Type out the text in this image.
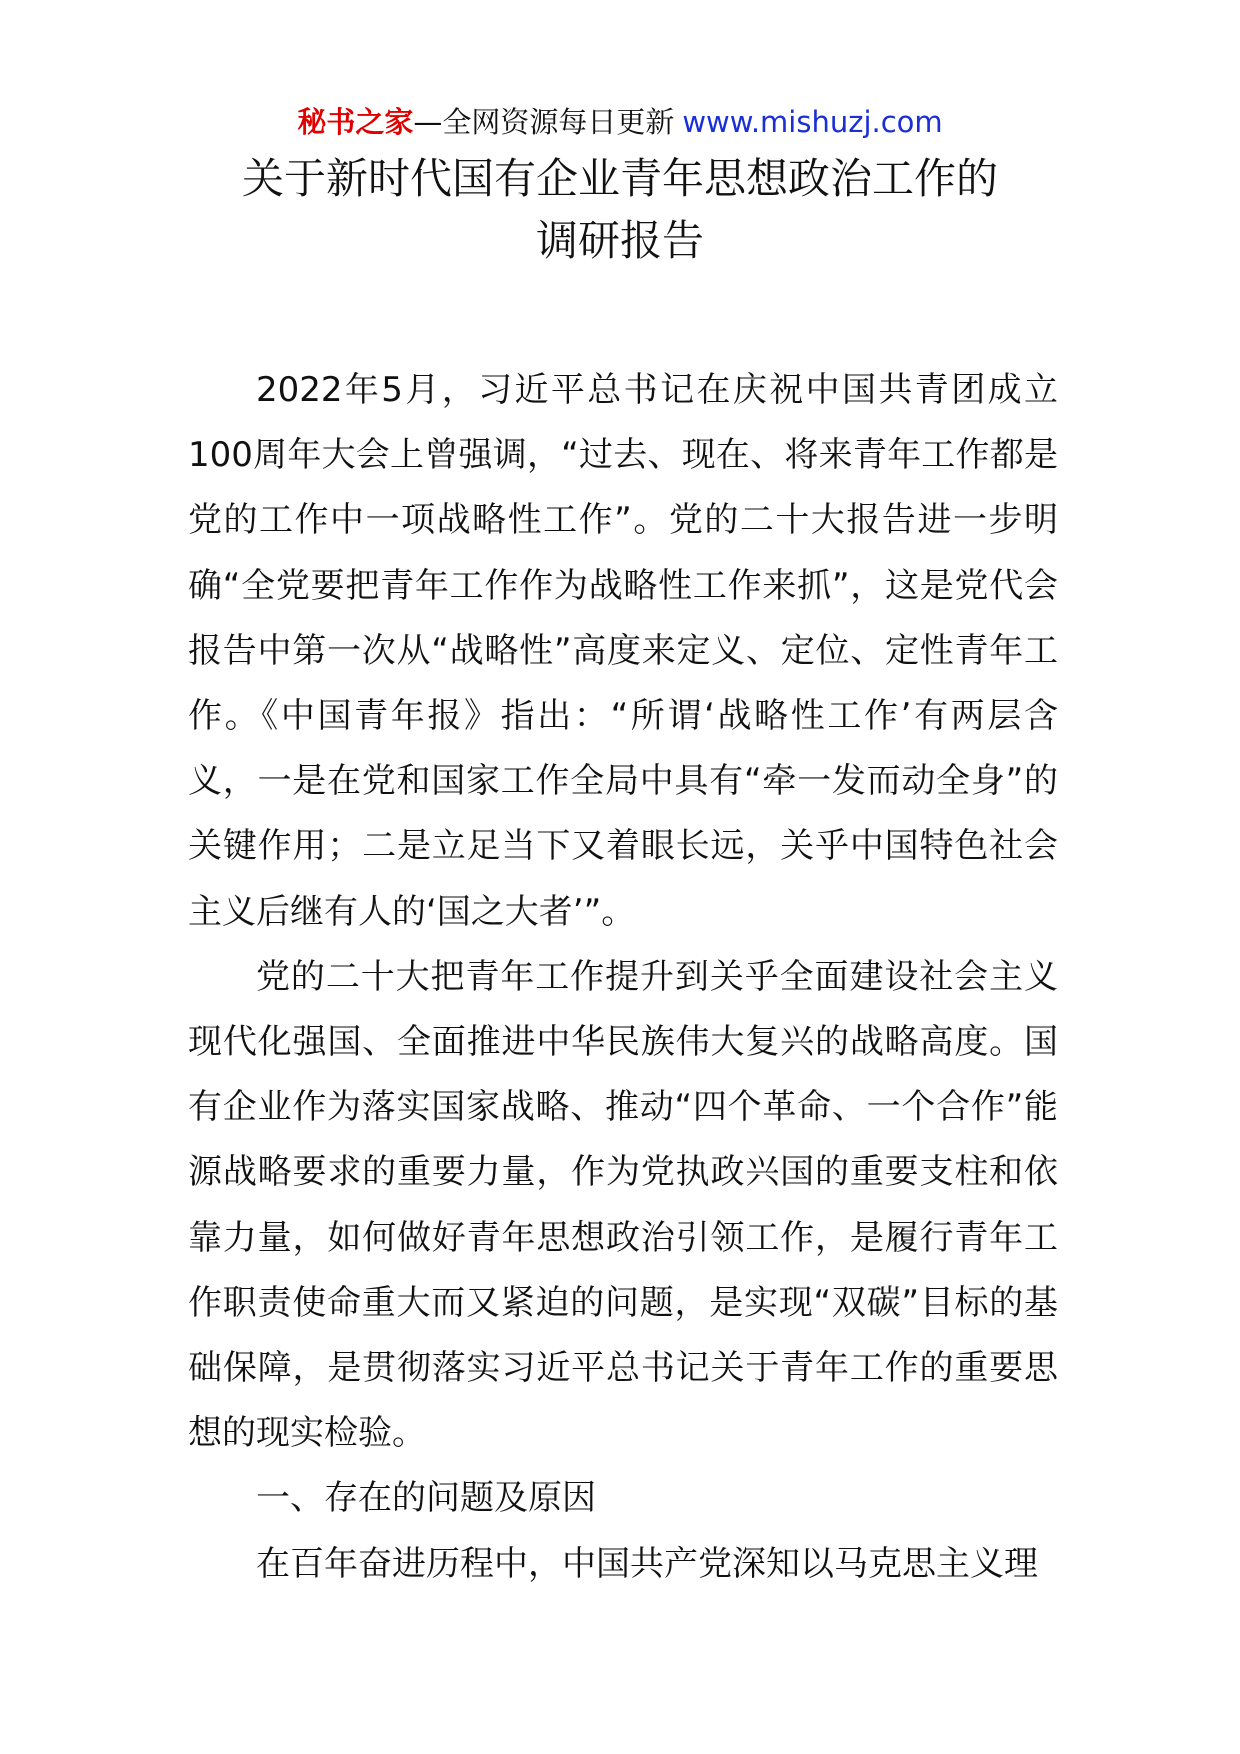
秘书之家—全网资源每日更新 www.mishuzj.com
关于新时代国有企业青年思想政治工作的
调研报告

2022年5月，习近平总书记在庆祝中国共青团成立100周年大会上曾强调，“过去、现在、将来青年工作都是党的工作中一项战略性工作”。党的二十大报告进一步明确“全党要把青年工作作为战略性工作来抓”，这是党代会报告中第一次从“战略性”高度来定义、定位、定性青年工作。《中国青年报》指出：“所谓‘战略性工作’有两层含义，一是在党和国家工作全局中具有“牵一发而动全身”的关键作用；二是立足当下又着眼长远，关乎中国特色社会主义后继有人的‘国之大者’”。

党的二十大把青年工作提升到关乎全面建设社会主义现代化强国、全面推进中华民族伟大复兴的战略高度。国有企业作为落实国家战略、推动“四个革命、一个合作”能源战略要求的重要力量，作为党执政兴国的重要支柱和依靠力量，如何做好青年思想政治引领工作，是履行青年工作职责使命重大而又紧迫的问题，是实现“双碳”目标的基础保障，是贯彻落实习近平总书记关于青年工作的重要思想的现实检验。

一、存在的问题及原因

在百年奋进历程中，中国共产党深知以马克思主义理
